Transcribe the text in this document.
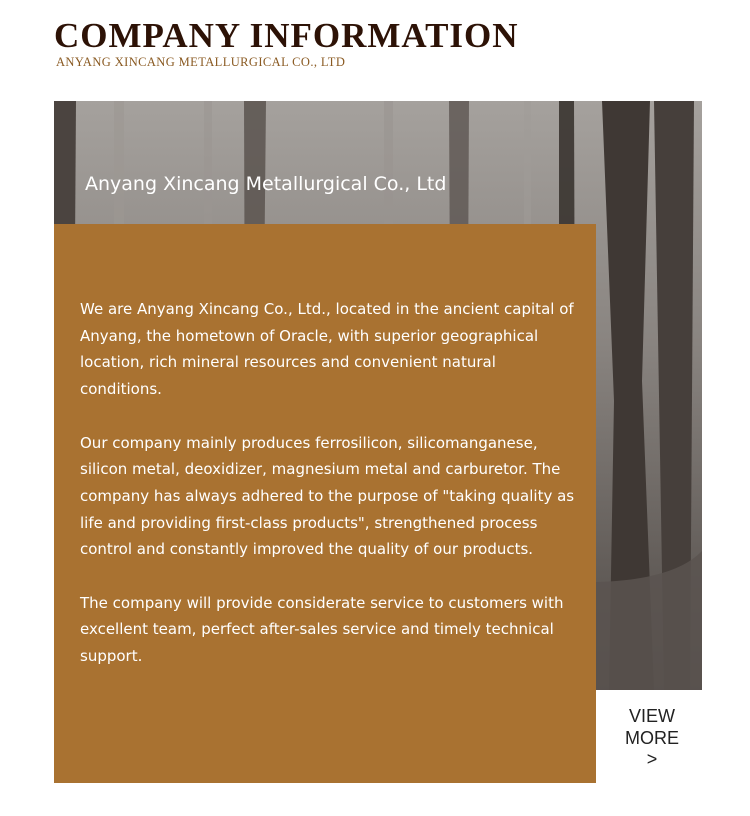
COMPANY INFORMATION
ANYANG XINCANG METALLURGICAL CO., LTD
Anyang Xincang Metallurgical Co., Ltd

We are Anyang Xincang Co., Ltd., located in the ancient capital of Anyang, the hometown of Oracle, with superior geographical location, rich mineral resources and convenient natural conditions.

Our company mainly produces ferrosilicon, silicomanganese, silicon metal, deoxidizer, magnesium metal and carburetor. The company has always adhered to the purpose of "taking quality as life and providing first-class products", strengthened process control and constantly improved the quality of our products.

The company will provide considerate service to customers with excellent team, perfect after-sales service and timely technical support.

VIEW
MORE
>
